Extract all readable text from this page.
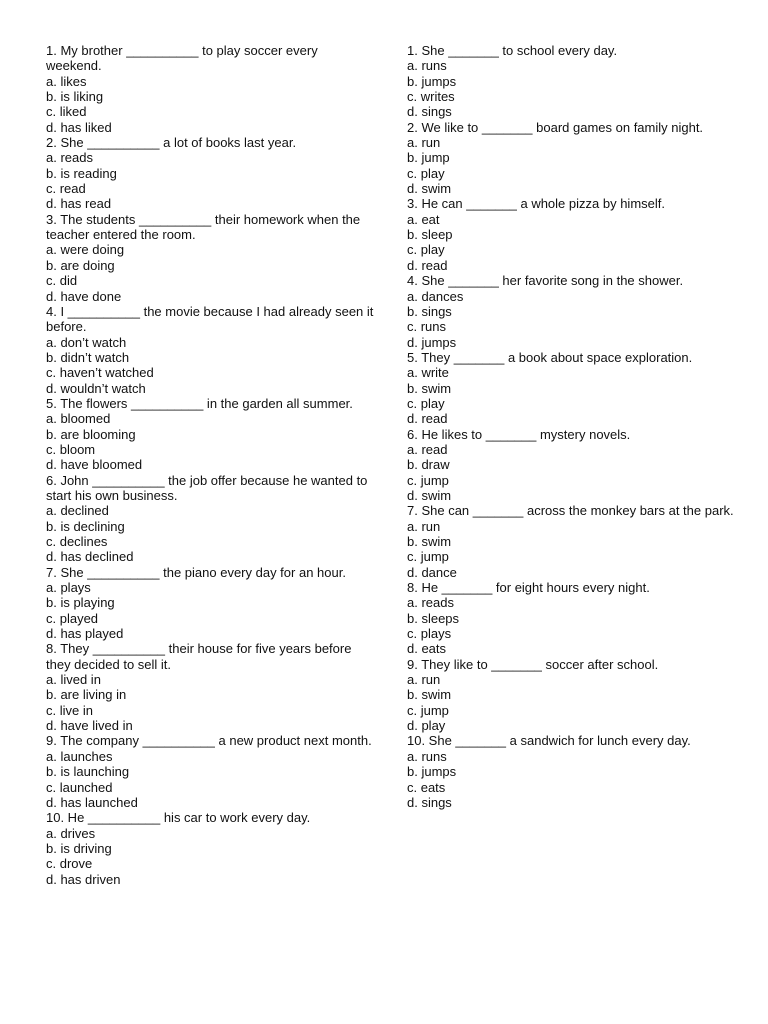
1. My brother __________ to play soccer every weekend.
a. likes
b. is liking
c. liked
d. has liked
2. She __________ a lot of books last year.
a. reads
b. is reading
c. read
d. has read
3. The students __________ their homework when the teacher entered the room.
a. were doing
b. are doing
c. did
d. have done
4. I __________ the movie because I had already seen it before.
a. don’t watch
b. didn’t watch
c. haven’t watched
d. wouldn’t watch
5. The flowers __________ in the garden all summer.
a. bloomed
b. are blooming
c. bloom
d. have bloomed
6. John __________ the job offer because he wanted to start his own business.
a. declined
b. is declining
c. declines
d. has declined
7. She __________ the piano every day for an hour.
a. plays
b. is playing
c. played
d. has played
8. They __________ their house for five years before they decided to sell it.
a. lived in
b. are living in
c. live in
d. have lived in
9. The company __________ a new product next month.
a. launches
b. is launching
c. launched
d. has launched
10. He __________ his car to work every day.
a. drives
b. is driving
c. drove
d. has driven
1. She _______ to school every day.
a. runs
b. jumps
c. writes
d. sings
2. We like to _______ board games on family night.
a. run
b. jump
c. play
d. swim
3. He can _______ a whole pizza by himself.
a. eat
b. sleep
c. play
d. read
4. She _______ her favorite song in the shower.
a. dances
b. sings
c. runs
d. jumps
5. They _______ a book about space exploration.
a. write
b. swim
c. play
d. read
6. He likes to _______ mystery novels.
a. read
b. draw
c. jump
d. swim
7. She can _______ across the monkey bars at the park.
a. run
b. swim
c. jump
d. dance
8. He _______ for eight hours every night.
a. reads
b. sleeps
c. plays
d. eats
9. They like to _______ soccer after school.
a. run
b. swim
c. jump
d. play
10. She _______ a sandwich for lunch every day.
a. runs
b. jumps
c. eats
d. sings
